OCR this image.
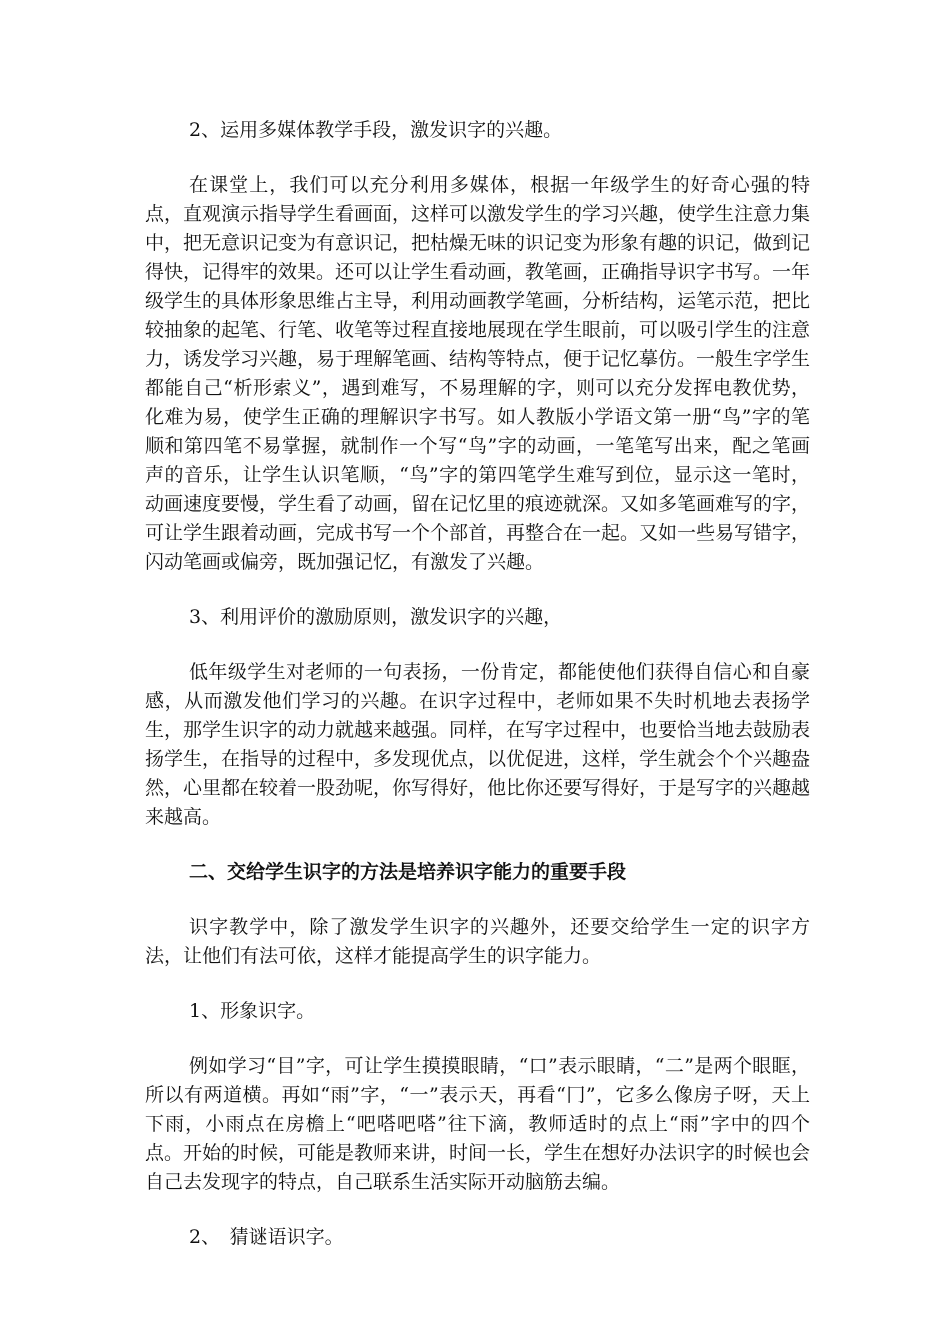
2、运用多媒体教学手段，激发识字的兴趣。

在课堂上，我们可以充分利用多媒体，根据一年级学生的好奇心强的特点，直观演示指导学生看画面，这样可以激发学生的学习兴趣，使学生注意力集中，把无意识记变为有意识记，把枯燥无味的识记变为形象有趣的识记，做到记得快，记得牢的效果。还可以让学生看动画，教笔画，正确指导识字书写。一年级学生的具体形象思维占主导，利用动画教学笔画，分析结构，运笔示范，把比较抽象的起笔、行笔、收笔等过程直接地展现在学生眼前，可以吸引学生的注意力，诱发学习兴趣，易于理解笔画、结构等特点，便于记忆摹仿。一般生字学生都能自己“析形索义”，遇到难写，不易理解的字，则可以充分发挥电教优势，化难为易，使学生正确的理解识字书写。如人教版小学语文第一册“鸟”字的笔顺和第四笔不易掌握，就制作一个写“鸟”字的动画，一笔笔写出来，配之笔画声的音乐，让学生认识笔顺，“鸟”字的第四笔学生难写到位，显示这一笔时，动画速度要慢，学生看了动画，留在记忆里的痕迹就深。又如多笔画难写的字，可让学生跟着动画，完成书写一个个部首，再整合在一起。又如一些易写错字，闪动笔画或偏旁，既加强记忆，有激发了兴趣。

3、利用评价的激励原则，激发识字的兴趣，

低年级学生对老师的一句表扬，一份肯定，都能使他们获得自信心和自豪感，从而激发他们学习的兴趣。在识字过程中，老师如果不失时机地去表扬学生，那学生识字的动力就越来越强。同样，在写字过程中，也要恰当地去鼓励表扬学生，在指导的过程中，多发现优点，以优促进，这样，学生就会个个兴趣盎然，心里都在较着一股劲呢，你写得好，他比你还要写得好，于是写字的兴趣越来越高。

二、交给学生识字的方法是培养识字能力的重要手段

识字教学中，除了激发学生识字的兴趣外，还要交给学生一定的识字方法，让他们有法可依，这样才能提高学生的识字能力。

1、形象识字。

例如学习“目”字，可让学生摸摸眼睛，“口”表示眼睛，“二”是两个眼眶，所以有两道横。再如“雨”字，“一”表示天，再看“冂”，它多么像房子呀，天上下雨，小雨点在房檐上“吧嗒吧嗒”往下滴，教师适时的点上“雨”字中的四个点。开始的时候，可能是教师来讲，时间一长，学生在想好办法识字的时候也会自己去发现字的特点，自己联系生活实际开动脑筋去编。

2、　猜谜语识字。
